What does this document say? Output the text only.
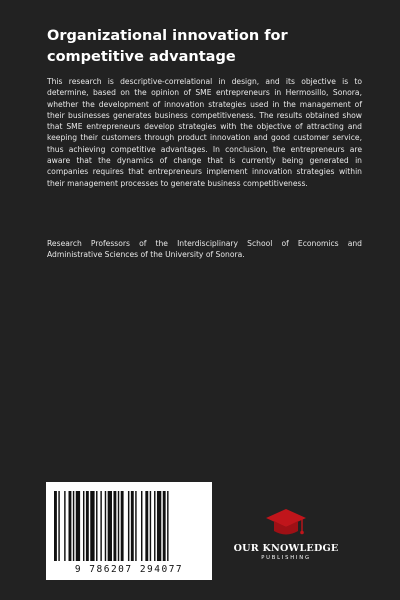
Organizational innovation for competitive advantage

This research is descriptive-correlational in design, and its objective is to determine, based on the opinion of SME entrepreneurs in Hermosillo, Sonora, whether the development of innovation strategies used in the management of their businesses generates business competitiveness. The results obtained show that SME entrepreneurs develop strategies with the objective of attracting and keeping their customers through product innovation and good customer service, thus achieving competitive advantages. In conclusion, the entrepreneurs are aware that the dynamics of change that is currently being generated in companies requires that entrepreneurs implement innovation strategies within their management processes to generate business competitiveness.

Research Professors of the Interdisciplinary School of Economics and Administrative Sciences of the University of Sonora.

9 786207 294077
OUR KNOWLEDGE
PUBLISHING
